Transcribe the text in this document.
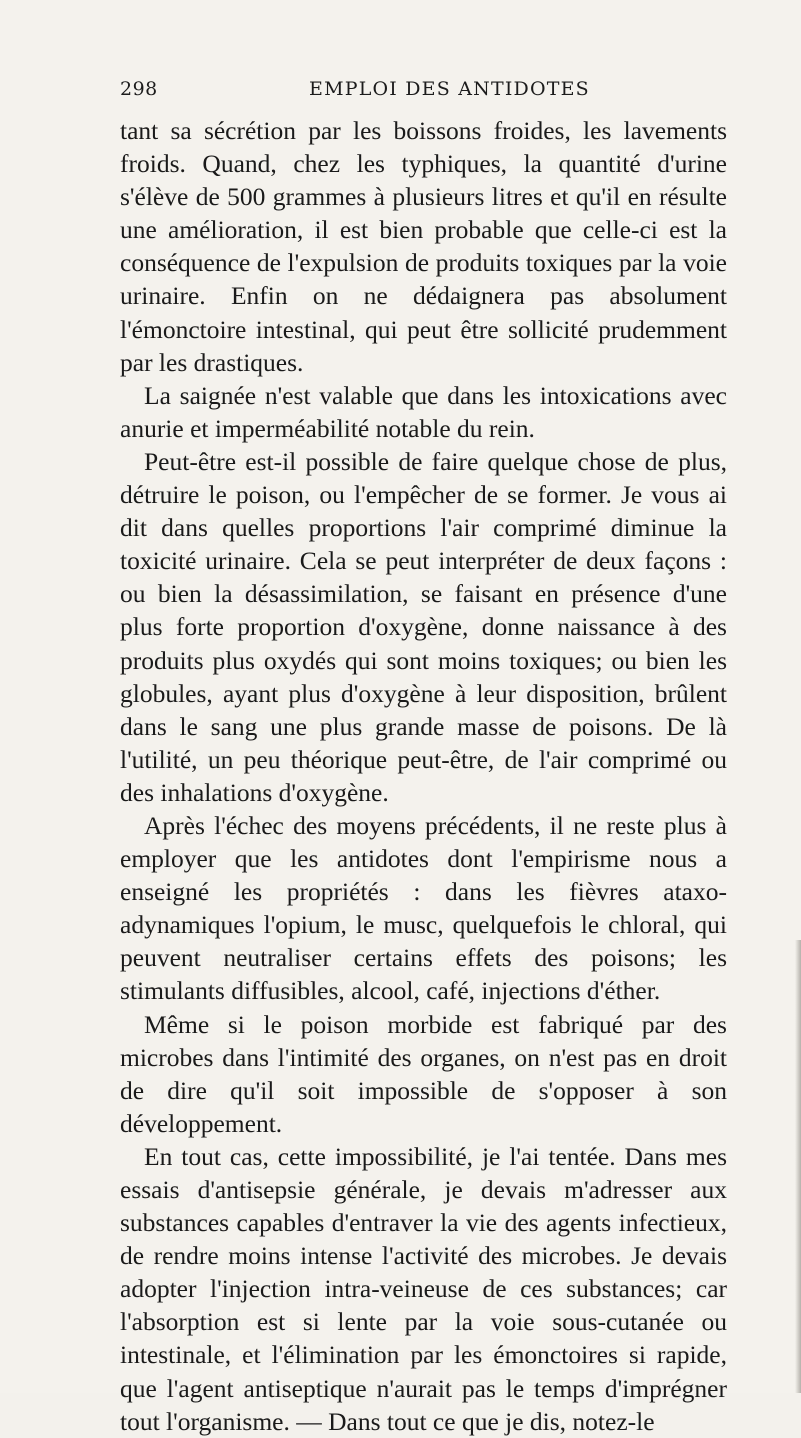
298	EMPLOI DES ANTIDOTES

tant sa sécrétion par les boissons froides, les lavements froids. Quand, chez les typhiques, la quantité d'urine s'élève de 500 grammes à plusieurs litres et qu'il en résulte une amélioration, il est bien probable que celle-ci est la conséquence de l'expulsion de produits toxiques par la voie urinaire. Enfin on ne dédaignera pas absolument l'émonctoire intestinal, qui peut être sollicité prudemment par les drastiques.

La saignée n'est valable que dans les intoxications avec anurie et imperméabilité notable du rein.

Peut-être est-il possible de faire quelque chose de plus, détruire le poison, ou l'empêcher de se former. Je vous ai dit dans quelles proportions l'air comprimé diminue la toxicité urinaire. Cela se peut interpréter de deux façons : ou bien la désassimilation, se faisant en présence d'une plus forte proportion d'oxygène, donne naissance à des produits plus oxydés qui sont moins toxiques; ou bien les globules, ayant plus d'oxygène à leur disposition, brûlent dans le sang une plus grande masse de poisons. De là l'utilité, un peu théorique peut-être, de l'air comprimé ou des inhalations d'oxygène.

Après l'échec des moyens précédents, il ne reste plus à employer que les antidotes dont l'empirisme nous a enseigné les propriétés : dans les fièvres ataxo-adynamiques l'opium, le musc, quelquefois le chloral, qui peuvent neutraliser certains effets des poisons; les stimulants diffusibles, alcool, café, injections d'éther.

Même si le poison morbide est fabriqué par des microbes dans l'intimité des organes, on n'est pas en droit de dire qu'il soit impossible de s'opposer à son développement.

En tout cas, cette impossibilité, je l'ai tentée. Dans mes essais d'antisepsie générale, je devais m'adresser aux substances capables d'entraver la vie des agents infectieux, de rendre moins intense l'activité des microbes. Je devais adopter l'injection intra-veineuse de ces substances; car l'absorption est si lente par la voie sous-cutanée ou intestinale, et l'élimination par les émonctoires si rapide, que l'agent antiseptique n'aurait pas le temps d'imprégner tout l'organisme. — Dans tout ce que je dis, notez-le
